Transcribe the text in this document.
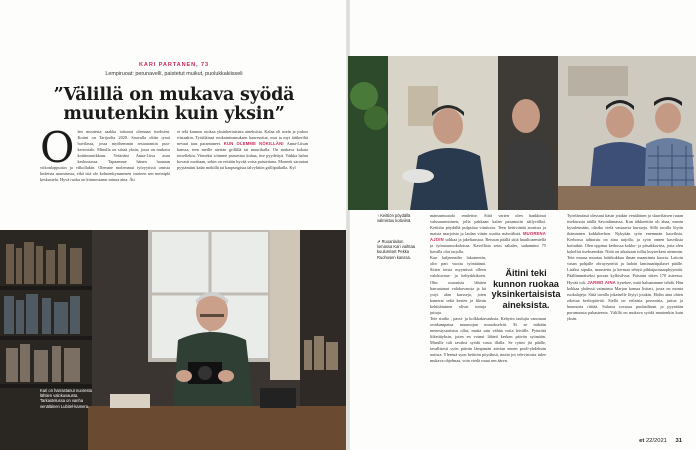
KARI PARTANEN, 73
Lempiruoat: perunavelli, paistetut muikut, puolukkakiisseli
”Välillä on mukava syödä muutenkin kuin yksin”
O len muutesta saakka toitunut olemaan itsekseni. Kotini on Tarijoelta 2020. Sauvalla oltiin tyssä huvilassa, jossa myöhemmin restaurantin puu-kerrostalo. Minulla on siissä yksin, jossa on mukava kotitimarrikkaas. Vetäriäni Anna-Liisa asuu keskustassa. Tapaamme hänen luonaan viikonloppuisin ja vilkollakin. Olemme molemmat työryytissä omista kodeista asumisesta, eikä sitä ole kolmenkymmenen vuoteen sen meiniplä keskustelu. Hyvä ruoka on kiinnostanut minua aina. Ätt
ei teki kunnon ruokaa yksinkertaisista aineksista. Kalaa oli useín ja joskus riistaakin. Työtiläinsä ruokaintoamuksen hauresottat, mut ta myi äitikeriltä nevaat taas parantuneet. KUN OLEMME NÖKILLÄNI Anna-Liisan kanssa, teen meille aterian grillillä tai muurikalla. On mukava kokata toisellekin. Viimeksi söimme paistettua kuhaa, itse pyydettyä. Vaikka haluu kovasti moittaan, sekin on erittäin hyvää voisa paistettuna. Moneeti saruutan pyytämiini kalat mökillä tai kaupungissa talvyhtiön grillipaikalla. Kyl
Kari on harrastanut nuoresta lähtien valokuvausta. Tarkastelussa on vanha venäläinen Lubitel-kamera.
↑ Keittiön pöydällä valmistuu kotiviinä.
↗ Ruoanlaiton lomassa Kari vaihtaa kuulumiset Pekka Ruohosen kanssa.
mänsuntuutolo ennleitse. Siitä varten olen hankkinut valusuunnioinen, jolla pakkaan kalan pasamuiin säilyvälksi. Keittiön pöydällä pulpsitaa viinitorta. Teen keitiviinää aronista ja maista marjoista ja laulan viinin osoitta mäsvälistä. MUORENA AJOIN sokkaa ja jakeltaustoa. Reissun päällä siitä hauiltoaemiellä ja työmaarruokaloissa. Kavellista seim saliales, sadannimi 75 havalla olut tarjolla.
Kun kuljennailte lakaisentin, olin pari vuotta työntäämä. Sitten toista myymissä olleen valokuvaus- ja kehyskkikoen. Olin osuonista lähtien harraatanut valokuvausta ja kä ysiyt alan kursseja, joten kamerat sekä kesien ja filmin kehittäminen olivat tuttuja juttuja.
Tete studio , passi- ja kolkkakuvauksia. Kehyrin taulujia vanoman orutkampaina muumojan muuokselväi. Ei se mikään menestystaristus ollut, mutta sain vähän voita leivälle. Pyinttitä liiketätyksin, joten en voinut lähteä kesken päivän syömään. Minulle tuli tavaksi syödä vasta illalla. Se ryttni jäi päälle, tavallisesti syön päivän lämpimän aterian ennen pooli-yhdeksän uutisia. Yleensä syon keittiön pöydässä, mutta jos televisiosta tulee mukava ohjelmaa, voin viedä ruuat sen äären.
Äitini teki kunnon ruokaa yksinkertaisista aineksista.
Työelämässä olessani käsin jotakin venäläisen ja slaavilaisen ruuan itsekurssia täällä Savonlinnassa. Kun täkkoettiin oli ahaa, menin kysuleimään, olisiko vielä vastaavia kursseja. Sillä tavalla löytin ikäminnen kokkikerhon. Nykyään syön enemmän kasviksia. Kerhossa tahtuistu on aina tarjolla, ja syön onnen kasviksia kotinikin. Olen oppinut kerhossa kokko- ja pitsakkavirta, joita olen kokellut itsekseenkin. Niitä on aikaisaan tullut kuyserkeni aiemmin. Tein muusa muutaa laittikukkua ilman maantimta kuorta. Laitoin vasan pohjalle ohrayryneitä ja ladoin laminaattipalaset päälle. Lisäksi sipulia, maustetta ja kermaa tehtyä pihlaijuonaarpkyynttiä. Päällimmäiseksi porsan kylkisilvua. Paistuin sitten 170 asteessa. Hyvää tuli. JARMO AINA kysekee, mitä haluammme tehdä. Hän kokkaa yhdessä vaimonsa Marjan kanssa lisitari, jossa on monta ruokalajeja. Siitä tavalla jokaiselle löytyi jotakin. Ehdin aina ohten odottaa kerhopäivää. Siellä on erilaista persoonia, juttua ja huumoria riittää. Sulassa sovussa puuhailtuun ja pyyntään porumaasta pahasteesta. Välillä on mukava syödä muutenkin kuin yksin.
et 22/2021 31
